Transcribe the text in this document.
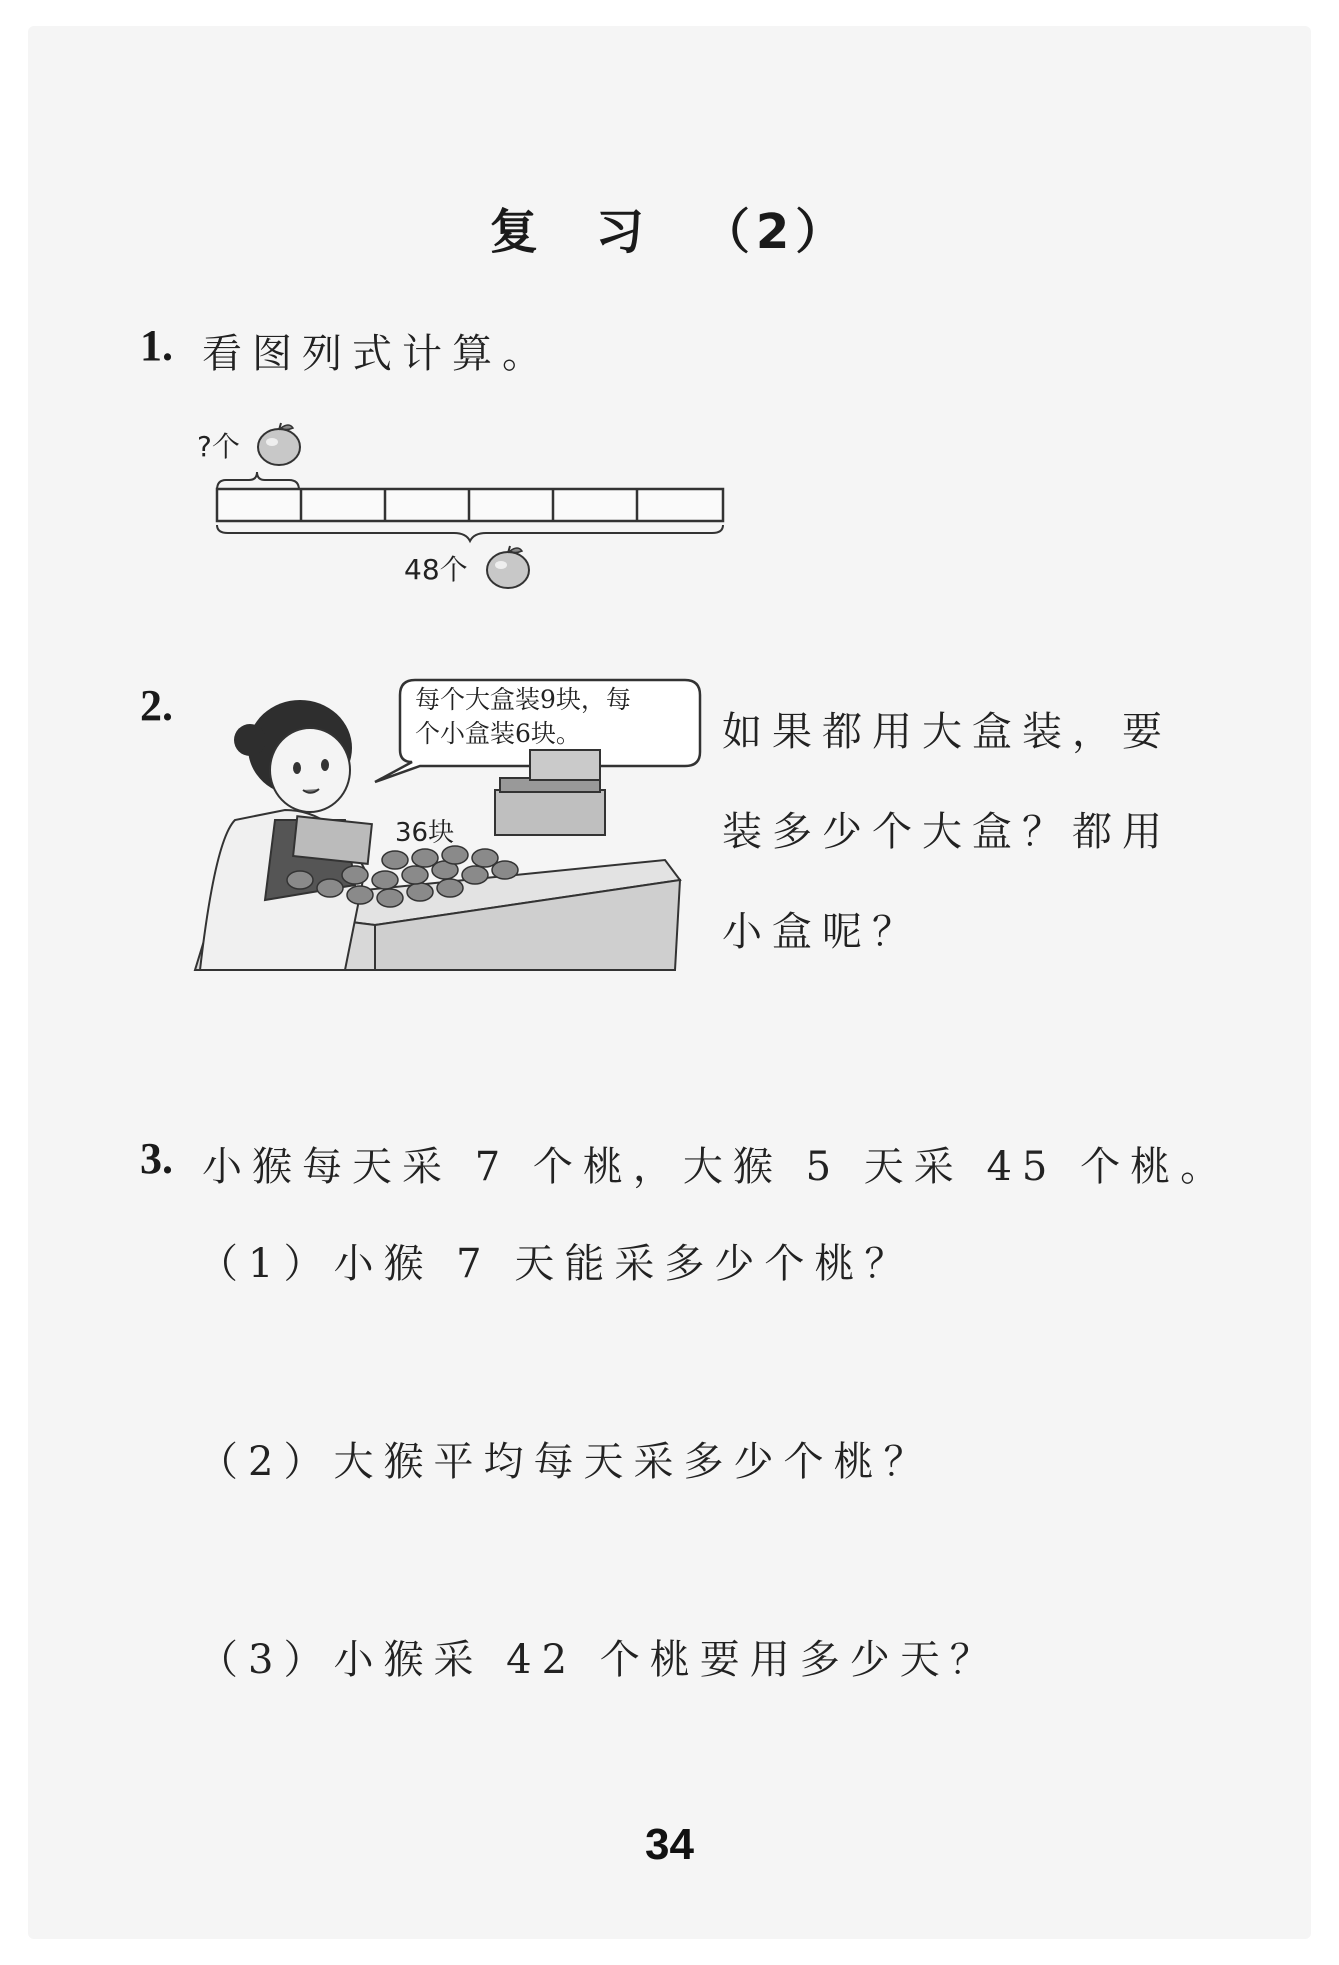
复 习 （2）
1. 看图列式计算。
?个
48个
2.	每个大盒装9块，每
个小盒装6块。
36块
如果都用大盒装，要
装多少个大盒？都用
小盒呢？
3. 小猴每天采 7 个桃，大猴 5 天采 45 个桃。
（1）小猴 7 天能采多少个桃？
（2）大猴平均每天采多少个桃？
（3）小猴采 42 个桃要用多少天？
34
